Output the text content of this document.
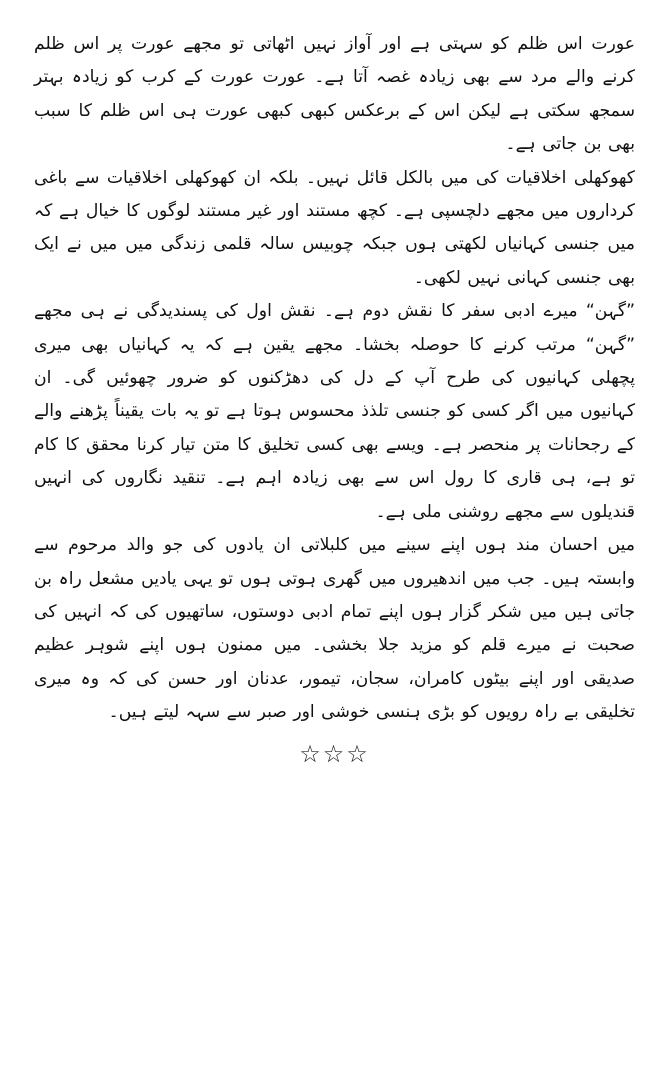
عورت اس ظلم کو سہتی ہے اور آواز نہیں اٹھاتی تو مجھے عورت پر اس ظلم کرنے والے مرد سے بھی زیادہ غصہ آتا ہے۔ عورت عورت کے کرب کو زیادہ بہتر سمجھ سکتی ہے لیکن اس کے برعکس کبھی کبھی عورت ہی اس ظلم کا سبب بھی بن جاتی ہے۔

کھوکھلی اخلاقیات کی میں بالکل قائل نہیں۔ بلکہ ان کھوکھلی اخلاقیات سے باغی کرداروں میں مجھے دلچسپی ہے۔ کچھ مستند اور غیر مستند لوگوں کا خیال ہے کہ میں جنسی کہانیاں لکھتی ہوں جبکہ چوبیس سالہ قلمی زندگی میں میں نے ایک بھی جنسی کہانی نہیں لکھی۔

”گہن“ میرے ادبی سفر کا نقش دوم ہے۔ نقش اول کی پسندیدگی نے ہی مجھے ”گہن“ مرتب کرنے کا حوصلہ بخشا۔ مجھے یقین ہے کہ یہ کہانیاں بھی میری پچھلی کہانیوں کی طرح آپ کے دل کی دھڑکنوں کو ضرور چھوئیں گی۔ ان کہانیوں میں اگر کسی کو جنسی تلذذ محسوس ہوتا ہے تو یہ بات یقیناً پڑھنے والے کے رجحانات پر منحصر ہے۔ ویسے بھی کسی تخلیق کا متن تیار کرنا محقق کا کام تو ہے، ہی قاری کا رول اس سے بھی زیادہ اہم ہے۔ تنقید نگاروں کی انہیں قندیلوں سے مجھے روشنی ملی ہے۔

میں احسان مند ہوں اپنے سینے میں کلبلاتی ان یادوں کی جو والد مرحوم سے وابستہ ہیں۔ جب میں اندھیروں میں گھری ہوتی ہوں تو یہی یادیں مشعل راہ بن جاتی ہیں میں شکر گزار ہوں اپنے تمام ادبی دوستوں، ساتھیوں کی کہ انہیں کی صحبت نے میرے قلم کو مزید جلا بخشی۔ میں ممنون ہوں اپنے شوہر عظیم صدیقی اور اپنے بیٹوں کامران، سجان، تیمور، عدنان اور حسن کی کہ وہ میری تخلیقی بے راہ رویوں کو بڑی ہنسی خوشی اور صبر سے سہہ لیتے ہیں۔

☆☆☆
